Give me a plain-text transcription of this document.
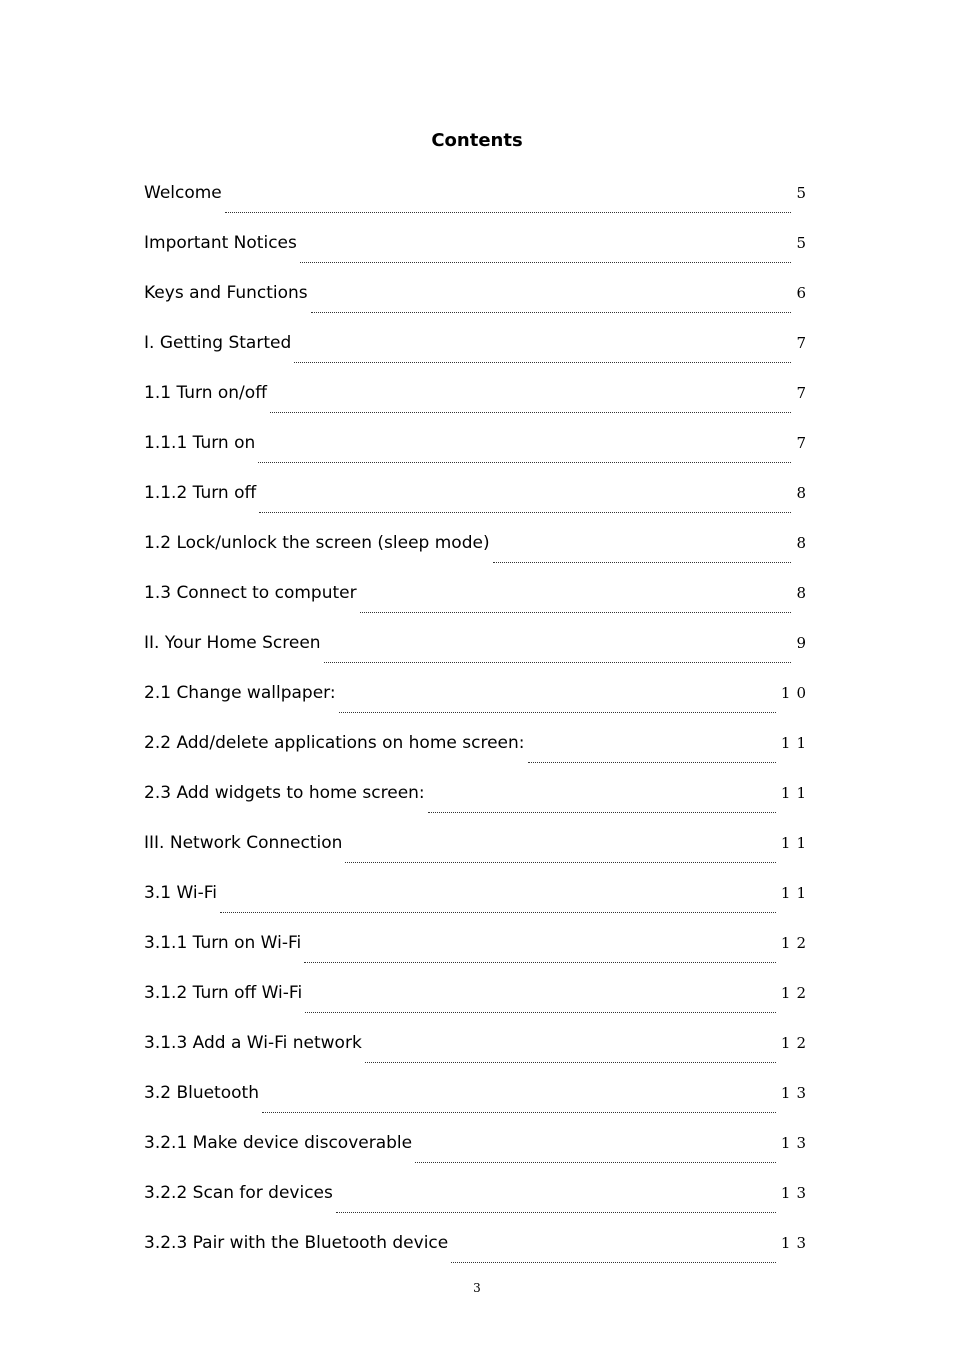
Contents
Welcome	5
Important Notices	5
Keys and Functions	6
I. Getting Started	7
1.1 Turn on/off	7
1.1.1 Turn on	7
1.1.2 Turn off	8
1.2 Lock/unlock the screen (sleep mode)	8
1.3 Connect to computer	8
II. Your Home Screen	9
2.1 Change wallpaper:	10
2.2 Add/delete applications on home screen:	11
2.3 Add widgets to home screen:	11
III. Network Connection	11
3.1 Wi-Fi	11
3.1.1 Turn on Wi-Fi	12
3.1.2 Turn off Wi-Fi	12
3.1.3 Add a Wi-Fi network	12
3.2 Bluetooth	13
3.2.1 Make device discoverable	13
3.2.2 Scan for devices	13
3.2.3 Pair with the Bluetooth device	13
3
